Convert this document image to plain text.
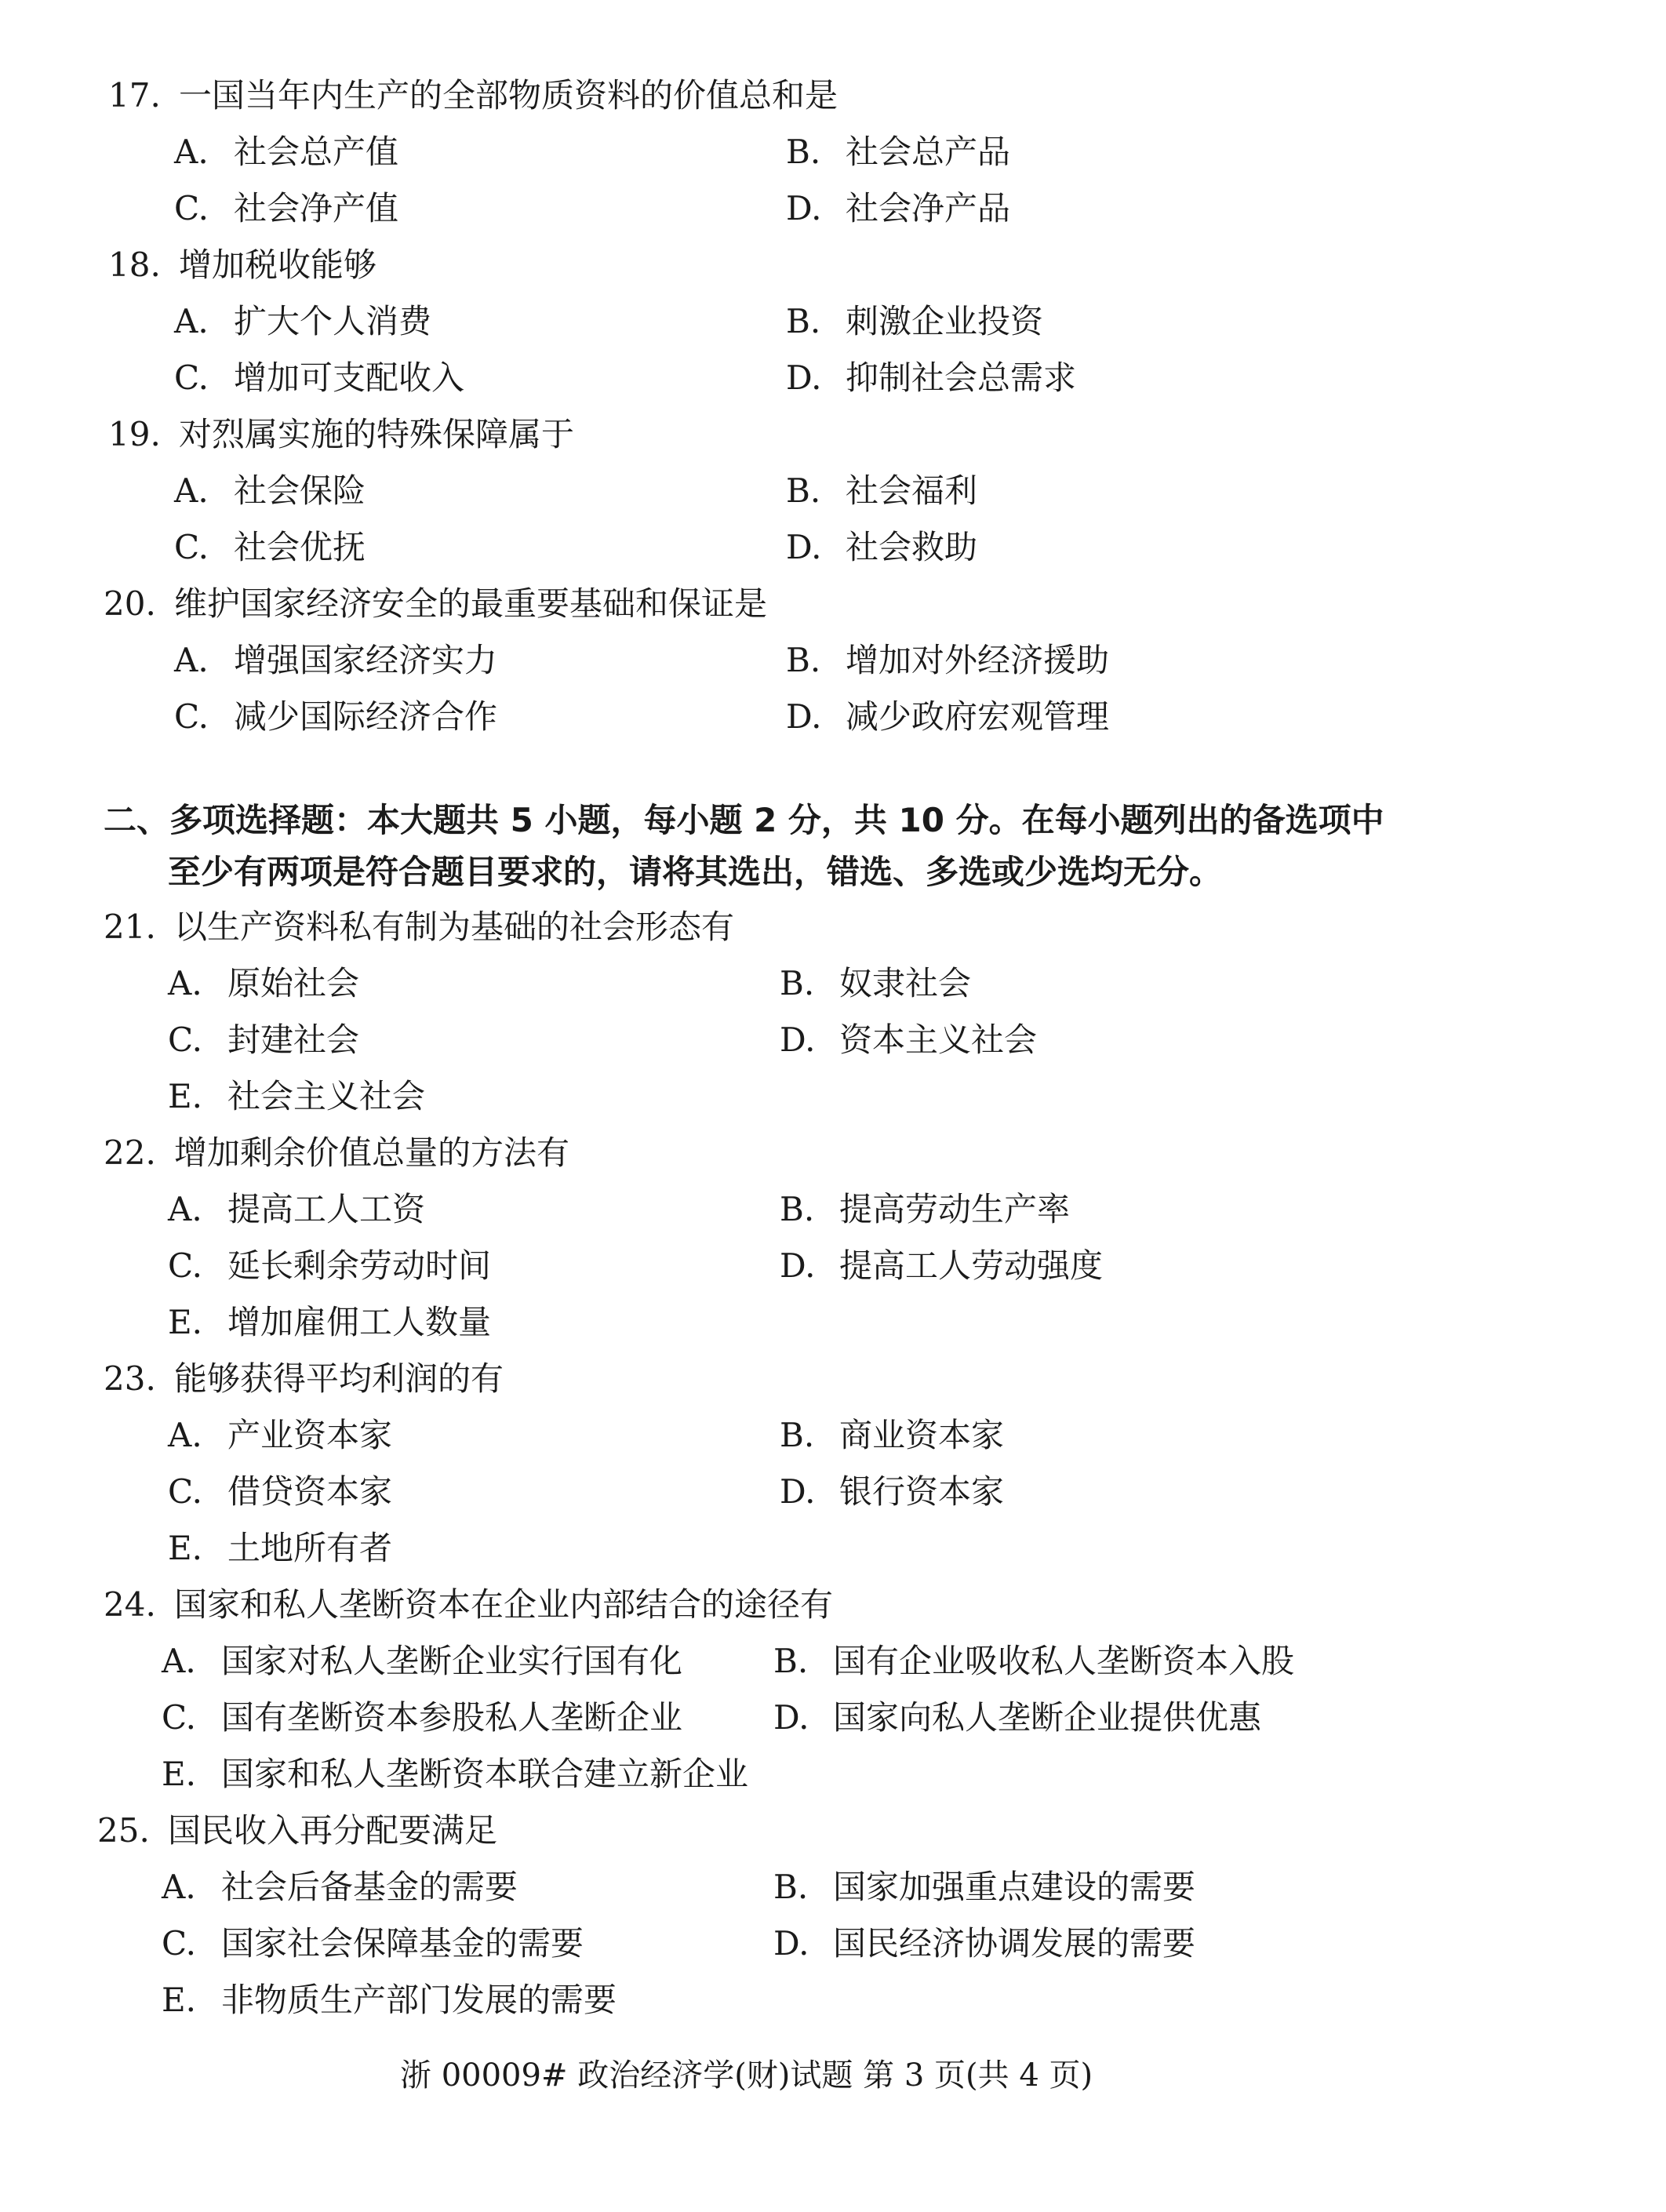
17. 一国当年内生产的全部物质资料的价值总和是
A. 社会总产值	B. 社会总产品
C. 社会净产值	D. 社会净产品
18. 增加税收能够
A. 扩大个人消费	B. 刺激企业投资
C. 增加可支配收入	D. 抑制社会总需求
19. 对烈属实施的特殊保障属于
A. 社会保险	B. 社会福利
C. 社会优抚	D. 社会救助
20. 维护国家经济安全的最重要基础和保证是
A. 增强国家经济实力	B. 增加对外经济援助
C. 减少国际经济合作	D. 减少政府宏观管理
二、多项选择题：本大题共 5 小题，每小题 2 分，共 10 分。在每小题列出的备选项中
至少有两项是符合题目要求的，请将其选出，错选、多选或少选均无分。
21. 以生产资料私有制为基础的社会形态有
A. 原始社会	B. 奴隶社会
C. 封建社会	D. 资本主义社会
E. 社会主义社会
22. 增加剩余价值总量的方法有
A. 提高工人工资	B. 提高劳动生产率
C. 延长剩余劳动时间	D. 提高工人劳动强度
E. 增加雇佣工人数量
23. 能够获得平均利润的有
A. 产业资本家	B. 商业资本家
C. 借贷资本家	D. 银行资本家
E. 土地所有者
24. 国家和私人垄断资本在企业内部结合的途径有
A. 国家对私人垄断企业实行国有化	B. 国有企业吸收私人垄断资本入股
C. 国有垄断资本参股私人垄断企业	D. 国家向私人垄断企业提供优惠
E. 国家和私人垄断资本联合建立新企业
25. 国民收入再分配要满足
A. 社会后备基金的需要	B. 国家加强重点建设的需要
C. 国家社会保障基金的需要	D. 国民经济协调发展的需要
E. 非物质生产部门发展的需要
浙 00009# 政治经济学(财)试题 第 3 页(共 4 页)
